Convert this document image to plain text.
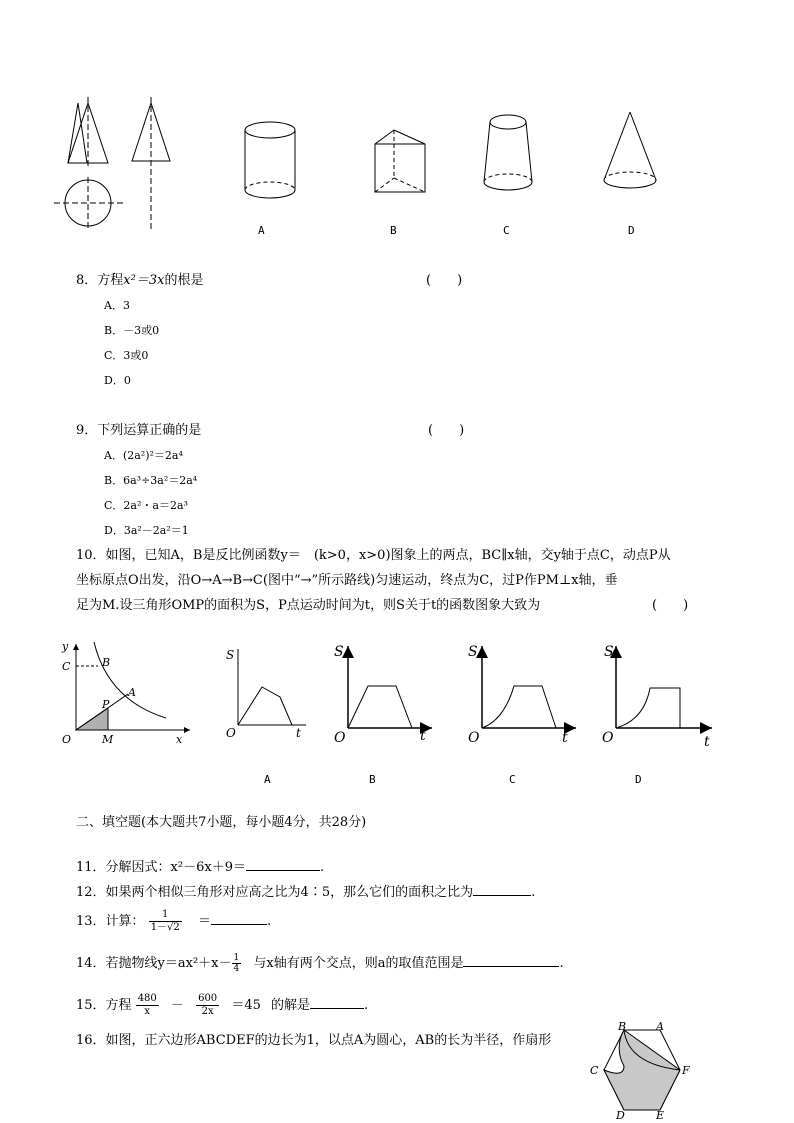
A	B	C	D
8．方程x²＝3x的根是	(　　)
A．3
B．－3或0
C．3或0
D．0
9．下列运算正确的是	(　　)
A．(2a²)²＝2a⁴
B．6a³÷3a²＝2a⁴
C．2a²・a＝2a³
D．3a²－2a²＝1
10．如图，已知A，B是反比例函数y＝　(k>0，x>0)图象上的两点，BC∥x轴，交y轴于点C，动点P从
坐标原点O出发，沿O→A→B→C(图中“→”所示路线)匀速运动，终点为C，过P作PM⊥x轴，垂
足为M.设三角形OMP的面积为S，P点运动时间为t，则S关于t的函数图象大致为	(　　)
y
x
O
C	B
A
P
M
S
t
O
S
t
O
S
t
O
S
t
O
A	B	C	D
二、填空题(本大题共7小题，每小题4分，共28分)
11．分解因式：x²－6x＋9＝	.
12．如果两个相似三角形对应高之比为4∶5，那么它们的面积之比为	.
13．计算： $\frac{1}{1-√2}$ ＝	.
14．若抛物线$y=ax^2+x- \frac{1}{4}$ 与x轴有两个交点，则a的取值范围是	.
15．方程 $\frac{480}{x} - \frac{600}{2x} =45$ 的解是	.
16．如图，正六边形ABCDEF的边长为1，以点A为圆心，AB的长为半径，作扇形
B	A
C	F
D	E
